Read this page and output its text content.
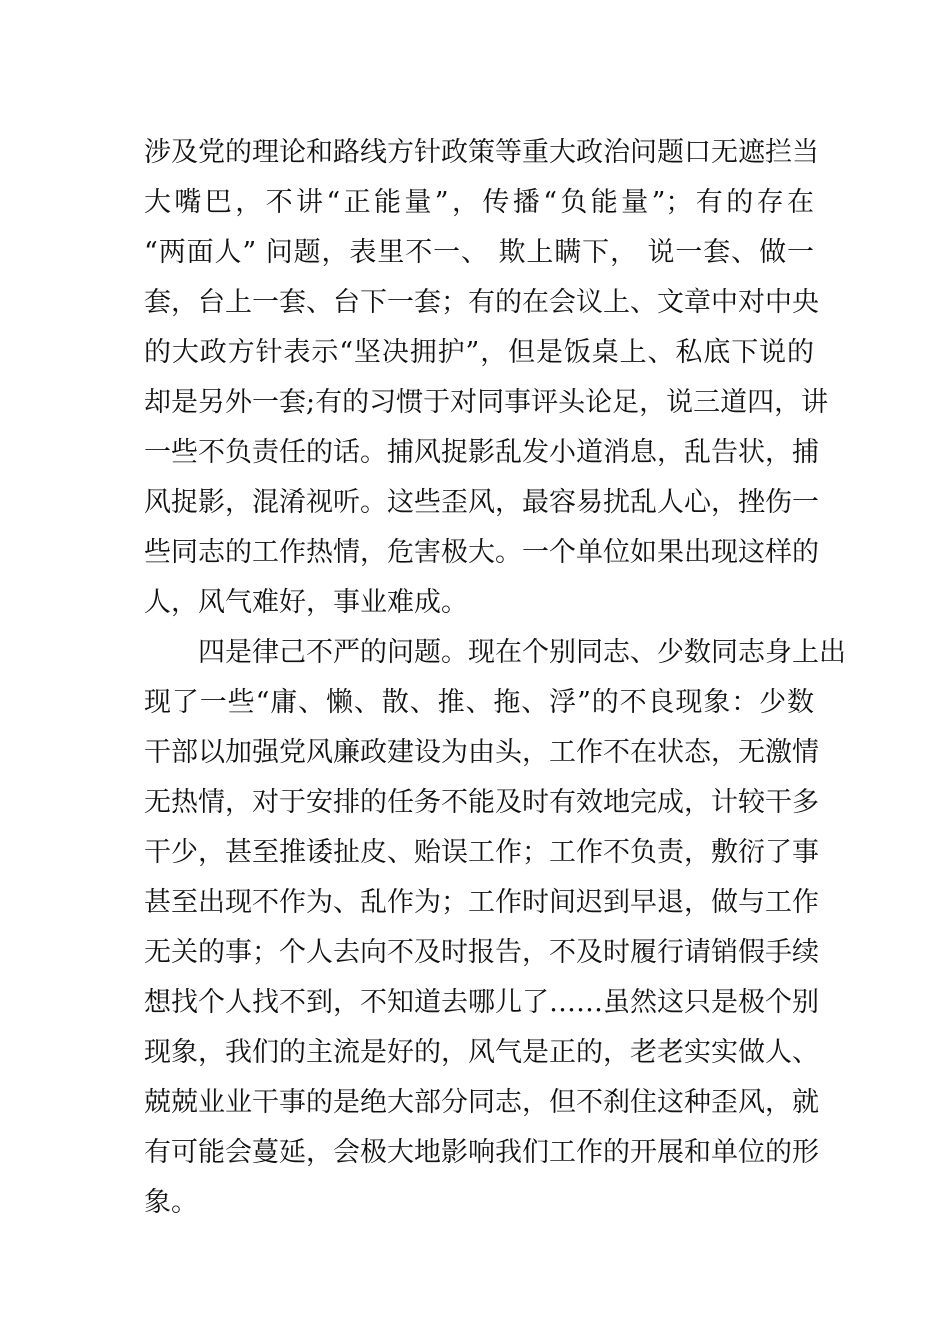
涉及党的理论和路线方针政策等重大政治问题口无遮拦当
大嘴巴，不讲“正能量”，传播“负能量”；有的存在
“两面人” 问题，表里不一、 欺上瞒下， 说一套、做一
套，台上一套、台下一套；有的在会议上、文章中对中央
的大政方针表示“坚决拥护”，但是饭桌上、私底下说的
却是另外一套;有的习惯于对同事评头论足，说三道四，讲
一些不负责任的话。捕风捉影乱发小道消息，乱告状，捕
风捉影，混淆视听。这些歪风，最容易扰乱人心，挫伤一
些同志的工作热情，危害极大。一个单位如果出现这样的
人，风气难好，事业难成。
四是律己不严的问题。现在个别同志、少数同志身上出
现了一些“庸、懒、散、推、拖、浮”的不良现象：少数
干部以加强党风廉政建设为由头，工作不在状态，无激情
无热情，对于安排的任务不能及时有效地完成，计较干多
干少，甚至推诿扯皮、贻误工作；工作不负责，敷衍了事
甚至出现不作为、乱作为；工作时间迟到早退，做与工作
无关的事；个人去向不及时报告，不及时履行请销假手续
想找个人找不到，不知道去哪儿了……虽然这只是极个别
现象，我们的主流是好的，风气是正的，老老实实做人、
兢兢业业干事的是绝大部分同志，但不刹住这种歪风，就
有可能会蔓延，会极大地影响我们工作的开展和单位的形
象。
